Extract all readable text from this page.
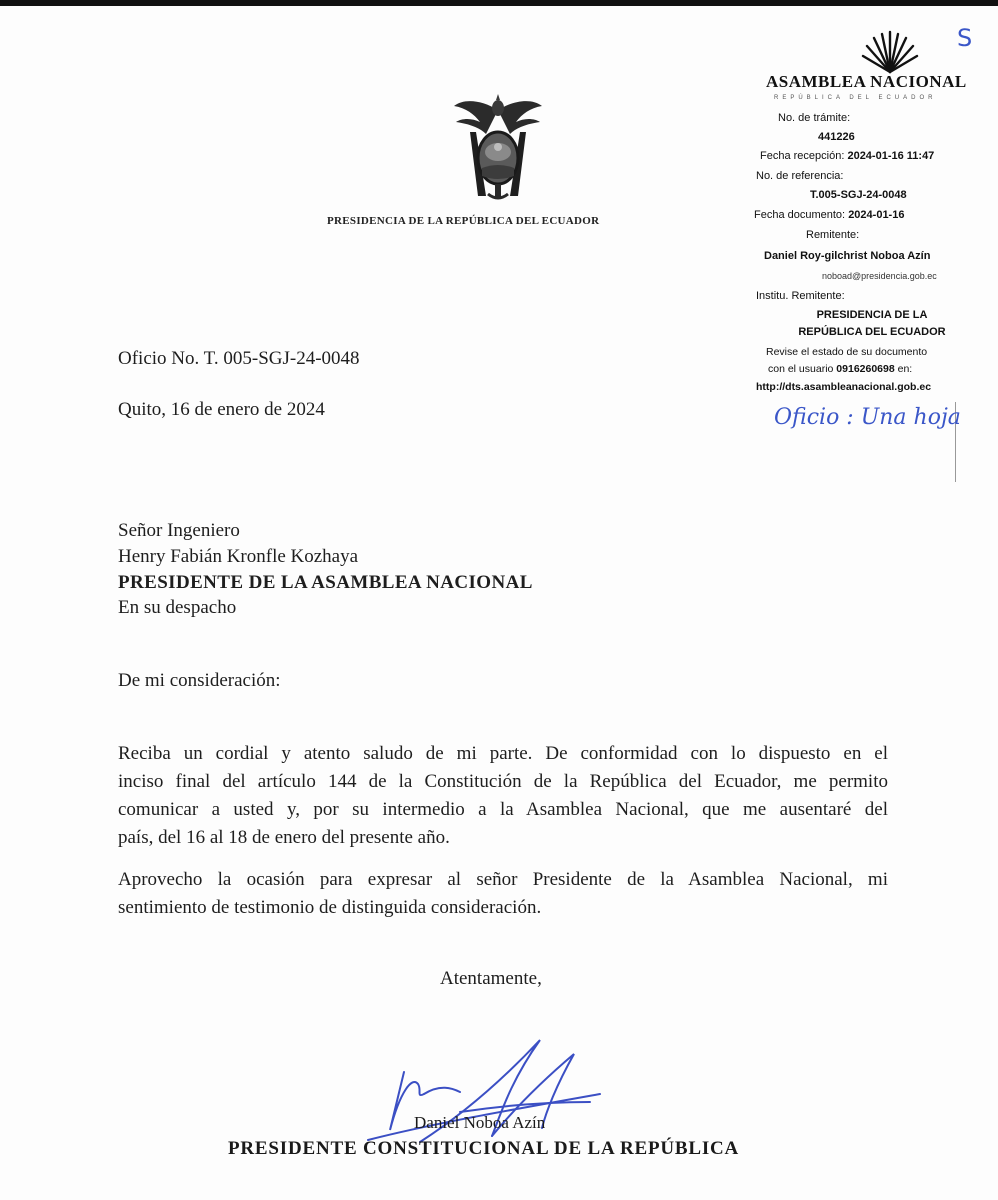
PRESIDENCIA DE LA REPÚBLICA DEL ECUADOR
S
ASAMBLEA NACIONAL
REPÚBLICA DEL ECUADOR
No. de trámite:
441226
Fecha recepción: 2024-01-16 11:47
No. de referencia:
T.005-SGJ-24-0048
Fecha documento: 2024-01-16
Remitente:
Daniel Roy-gilchrist Noboa Azín
noboad@presidencia.gob.ec
Institu. Remitente:
PRESIDENCIA DE LA
REPÚBLICA DEL ECUADOR
Revise el estado de su documento
con el usuario 0916260698 en:
http://dts.asambleanacional.gob.ec
Oficio : Una hoja
Oficio No. T. 005-SGJ-24-0048
Quito, 16 de enero de 2024
Señor Ingeniero
Henry Fabián Kronfle Kozhaya
PRESIDENTE DE LA ASAMBLEA NACIONAL
En su despacho
De mi consideración:
Reciba un cordial y atento saludo de mi parte. De conformidad con lo dispuesto en el
inciso final del artículo 144 de la Constitución de la República del Ecuador, me permito
comunicar a usted y, por su intermedio a la Asamblea Nacional, que me ausentaré del
país, del 16 al 18 de enero del presente año.
Aprovecho la ocasión para expresar al señor Presidente de la Asamblea Nacional, mi
sentimiento de testimonio de distinguida consideración.
Atentamente,
Daniel Noboa Azín
PRESIDENTE CONSTITUCIONAL DE LA REPÚBLICA
